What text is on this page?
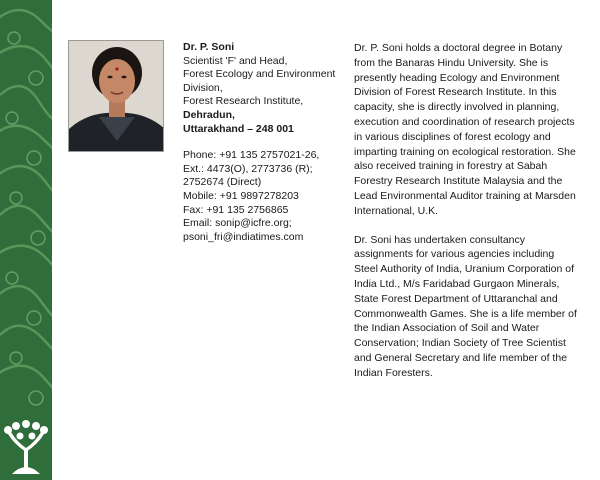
Dr. P. Soni
Scientist 'F' and Head,
Forest Ecology and Environment
Division,
Forest Research Institute,
Dehradun,
Uttarakhand – 248 001
Phone: +91 135 2757021-26,
Ext.: 4473(O), 2773736 (R);
2752674 (Direct)
Mobile: +91 9897278203
Fax: +91 135 2756865
Email: sonip@icfre.org;
psoni_fri@indiatimes.com
Dr. P. Soni holds a doctoral degree in Botany
from the Banaras Hindu University. She is
presently heading Ecology and Environment
Division of Forest Research Institute. In this
capacity, she is directly involved in planning,
execution and coordination of research projects
in various disciplines of forest ecology and
imparting training on ecological restoration. She
also received training in forestry at Sabah
Forestry Research Institute Malaysia and the
Lead Environmental Auditor training at Marsden
International, U.K.
Dr. Soni has undertaken consultancy
assignments for various agencies including
Steel Authority of India, Uranium Corporation of
India Ltd., M/s Faridabad Gurgaon Minerals,
State Forest Department of Uttaranchal and
Commonwealth Games. She is a life member of
the Indian Association of Soil and Water
Conservation; Indian Society of Tree Scientist
and General Secretary and life member of the
Indian Foresters.
